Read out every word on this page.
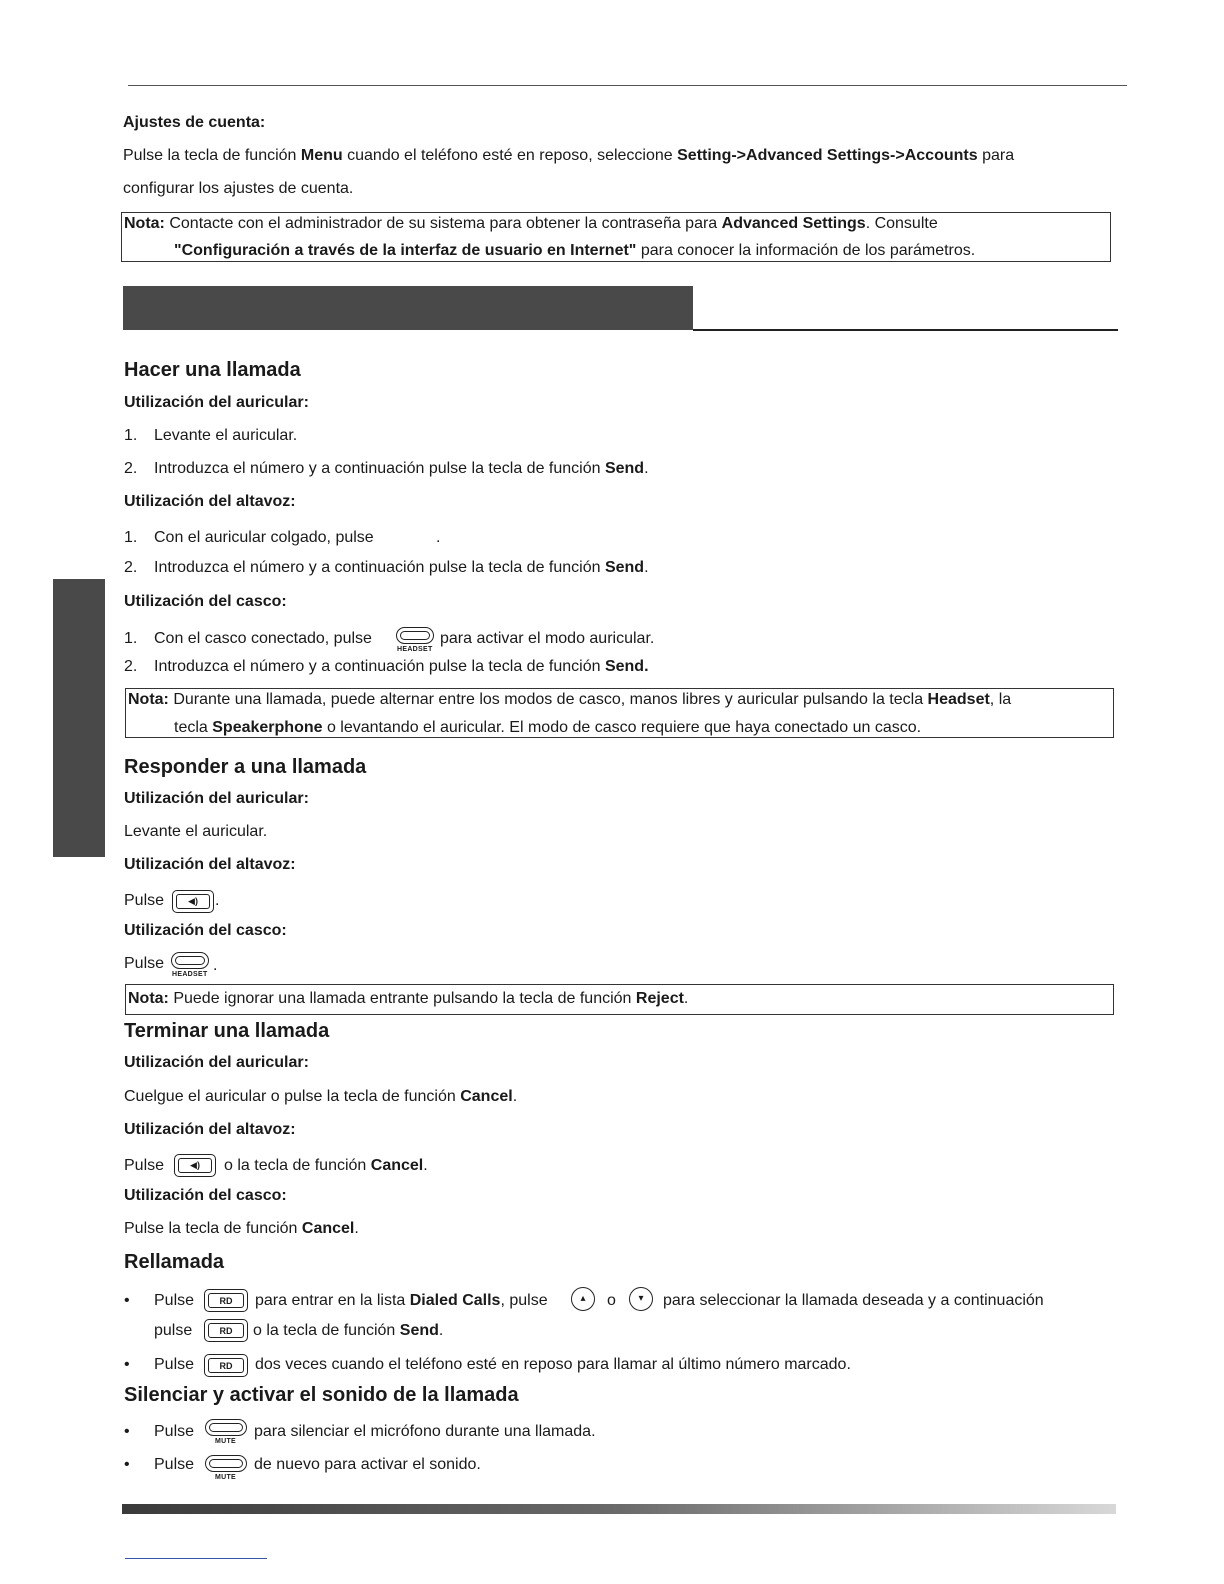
Ajustes de cuenta:
Pulse la tecla de función Menu cuando el teléfono esté en reposo, seleccione Setting->Advanced Settings->Accounts para
configurar los ajustes de cuenta.
Nota: Contacte con el administrador de su sistema para obtener la contraseña para Advanced Settings. Consulte
"Configuración a través de la interfaz de usuario en Internet" para conocer la información de los parámetros.
Hacer una llamada
Utilización del auricular:
1. Levante el auricular.
2. Introduzca el número y a continuación pulse la tecla de función Send.
Utilización del altavoz:
1. Con el auricular colgado, pulse	.
2. Introduzca el número y a continuación pulse la tecla de función Send.
Utilización del casco:
1. Con el casco conectado, pulse
HEADSET
para activar el modo auricular.
2. Introduzca el número y a continuación pulse la tecla de función Send.
Nota: Durante una llamada, puede alternar entre los modos de casco, manos libres y auricular pulsando la tecla Headset, la
tecla Speakerphone o levantando el auricular. El modo de casco requiere que haya conectado un casco.
Responder a una llamada
Utilización del auricular:
Levante el auricular.
Utilización del altavoz:
Pulse	◀)	.
Utilización del casco:
Pulse
HEADSET
.
Nota: Puede ignorar una llamada entrante pulsando la tecla de función Reject.
Terminar una llamada
Utilización del auricular:
Cuelgue el auricular o pulse la tecla de función Cancel.
Utilización del altavoz:
Pulse	◀)	o la tecla de función Cancel.
Utilización del casco:
Pulse la tecla de función Cancel.
Rellamada
• Pulse	RD	para entrar en la lista Dialed Calls, pulse	▴	o	▾	para seleccionar la llamada deseada y a continuación
pulse	RD	o la tecla de función Send.
• Pulse	RD	dos veces cuando el teléfono esté en reposo para llamar al último número marcado.
Silenciar y activar el sonido de la llamada
• Pulse
MUTE
para silenciar el micrófono durante una llamada.
• Pulse
MUTE
de nuevo para activar el sonido.
